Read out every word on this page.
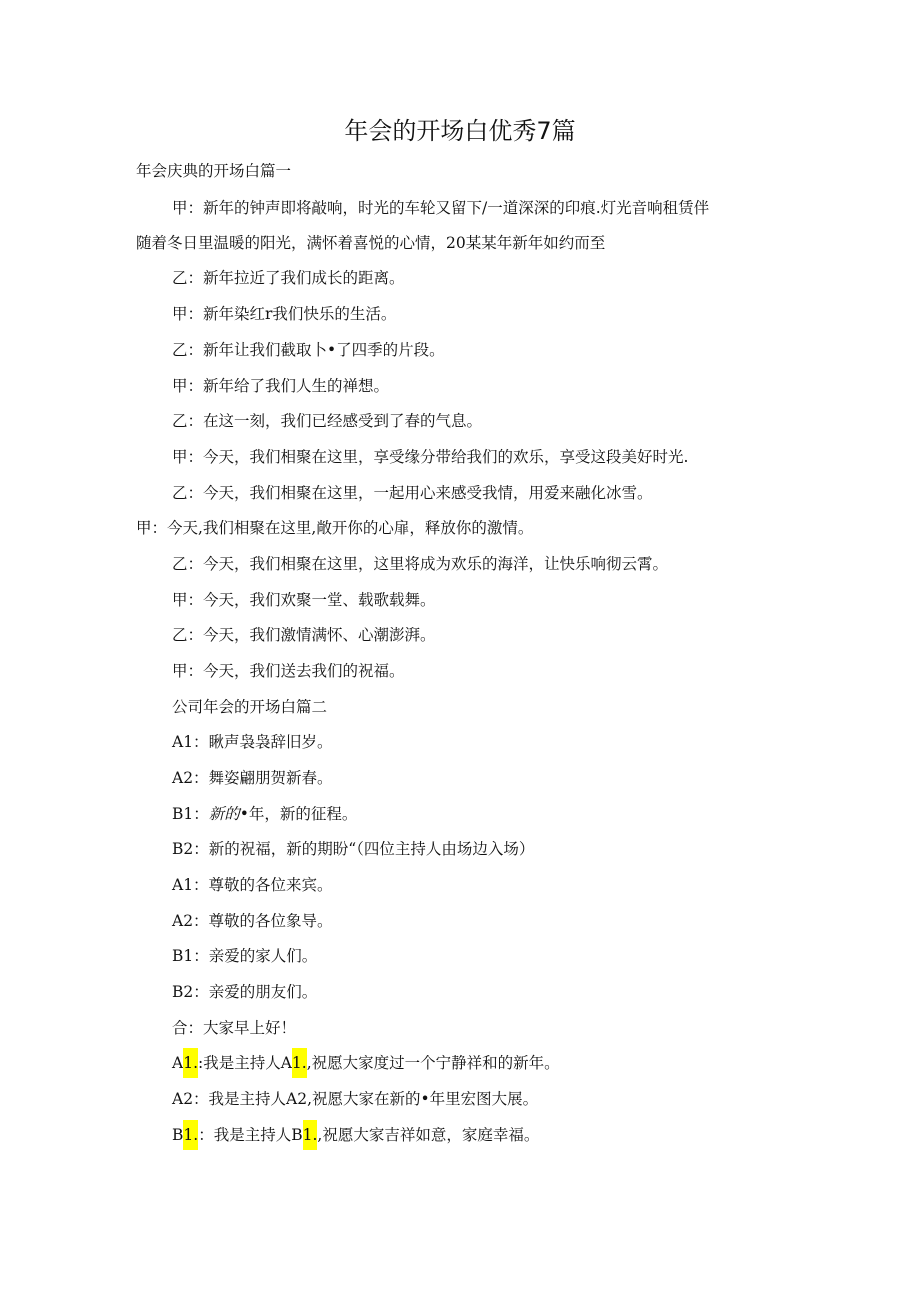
年会的开场白优秀7篇

年会庆典的开场白篇一

甲：新年的钟声即将敲响，时光的车轮又留下/一道深深的印痕.灯光音响租赁伴

随着冬日里温暖的阳光，满怀着喜悦的心情，20某某年新年如约而至

乙：新年拉近了我们成长的距离。

甲：新年染红r我们快乐的生活。

乙：新年让我们截取卜•了四季的片段。

甲：新年给了我们人生的禅想。

乙：在这一刻，我们已经感受到了春的气息。

甲：今天，我们相聚在这里，享受缘分带给我们的欢乐，享受这段美好时光.

乙：今天，我们相聚在这里，一起用心来感受我情，用爱来融化冰雪。

甲：今天,我们相聚在这里,敞开你的心扉，释放你的激情。

乙：今天，我们相聚在这里，这里将成为欢乐的海洋，让快乐响彻云霄。

甲：今天，我们欢聚一堂、载歌载舞。

乙：今天，我们激情满怀、心潮澎湃。

甲：今天，我们送去我们的祝福。

公司年会的开场白篇二

A1：瞅声袅袅辞旧岁。

A2：舞姿翩朋贺新春。

B1：新的•年，新的征程。

B2：新的祝福，新的期盼“（四位主持人由场边入场）

A1：尊敬的各位来宾。

A2：尊敬的各位象导。

B1：亲爱的家人们。

B2：亲爱的朋友们。

合：大家早上好！

A1.:我是主持人A1.,祝愿大家度过一个宁静祥和的新年。

A2：我是主持人A2,祝愿大家在新的•年里宏图大展。

B1.：我是主持人B1.,祝愿大家吉祥如意，家庭幸福。
